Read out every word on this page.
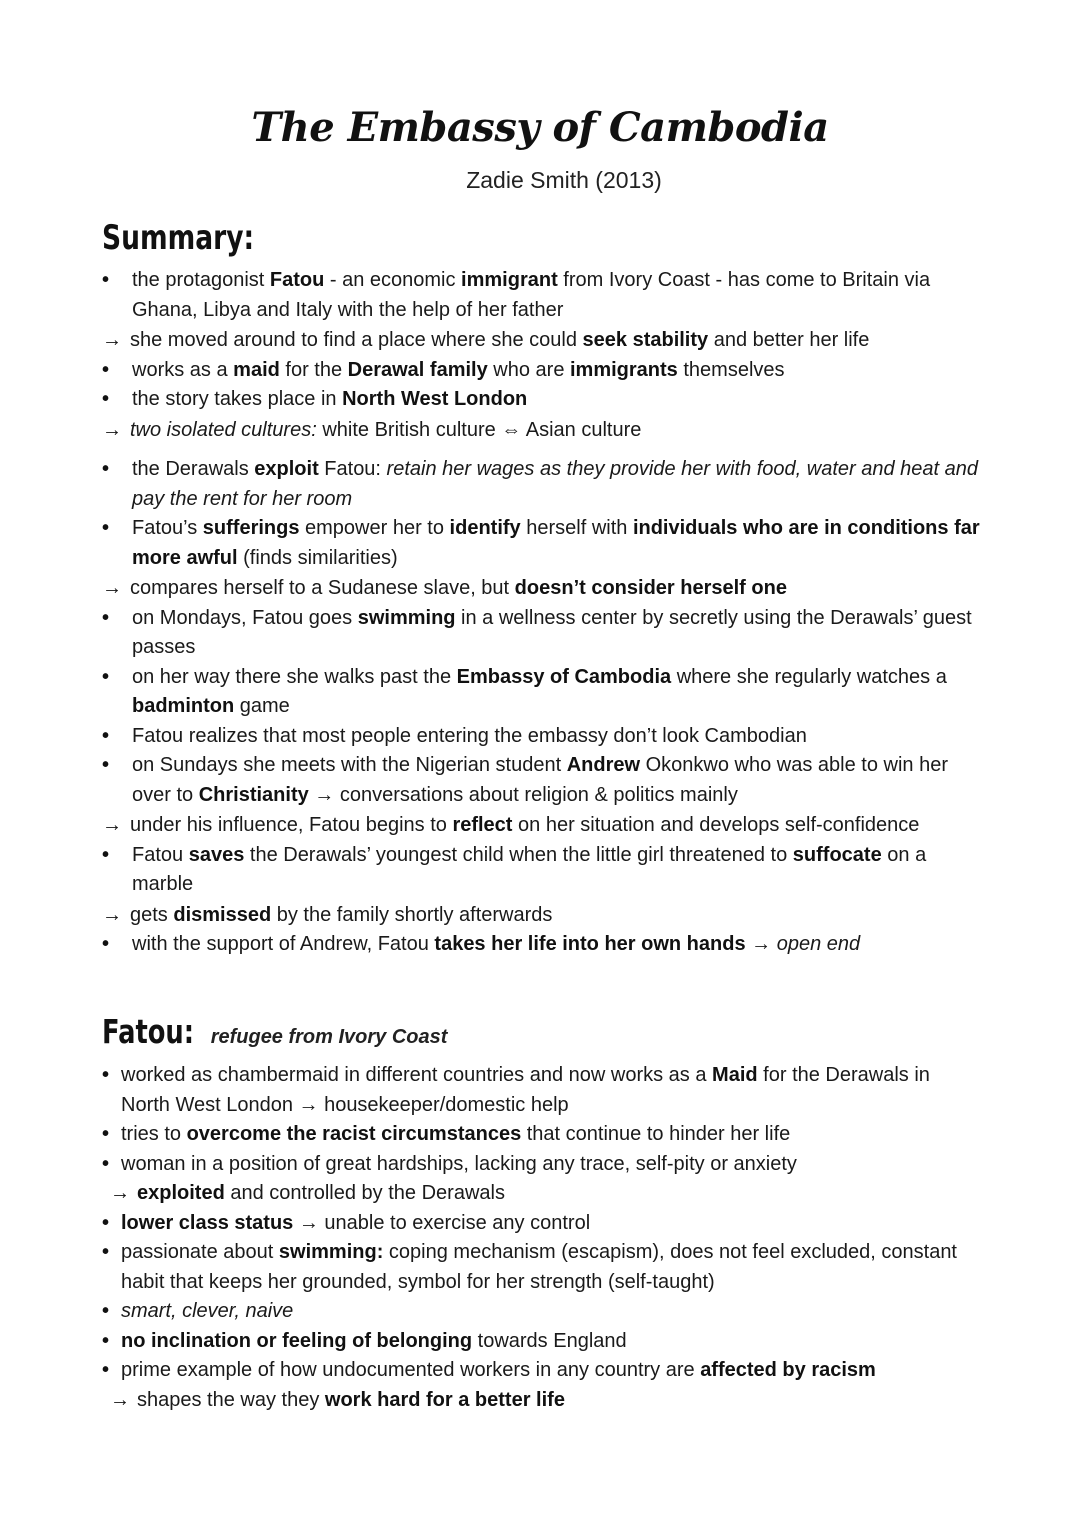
The Embassy of Cambodia

Zadie Smith (2013)

Summary:
• the protagonist Fatou - an economic immigrant from Ivory Coast - has come to Britain via Ghana, Libya and Italy with the help of her father
→ she moved around to find a place where she could seek stability and better her life
• works as a maid for the Derawal family who are immigrants themselves
• the story takes place in North West London
→ two isolated cultures: white British culture ⇔ Asian culture
• the Derawals exploit Fatou: retain her wages as they provide her with food, water and heat and pay the rent for her room
• Fatou’s sufferings empower her to identify herself with individuals who are in conditions far more awful (finds similarities)
→ compares herself to a Sudanese slave, but doesn’t consider herself one
• on Mondays, Fatou goes swimming in a wellness center by secretly using the Derawals’ guest passes
• on her way there she walks past the Embassy of Cambodia where she regularly watches a badminton game
• Fatou realizes that most people entering the embassy don’t look Cambodian
• on Sundays she meets with the Nigerian student Andrew Okonkwo who was able to win her over to Christianity → conversations about religion & politics mainly
→ under his influence, Fatou begins to reflect on her situation and develops self-confidence
• Fatou saves the Derawals’ youngest child when the little girl threatened to suffocate on a marble
→ gets dismissed by the family shortly afterwards
• with the support of Andrew, Fatou takes her life into her own hands → open end
Fatou: refugee from Ivory Coast
• worked as chambermaid in different countries and now works as a Maid for the Derawals in North West London → housekeeper/domestic help
• tries to overcome the racist circumstances that continue to hinder her life
• woman in a position of great hardships, lacking any trace, self-pity or anxiety
→ exploited and controlled by the Derawals
• lower class status → unable to exercise any control
• passionate about swimming: coping mechanism (escapism), does not feel excluded, constant habit that keeps her grounded, symbol for her strength (self-taught)
• smart, clever, naive
• no inclination or feeling of belonging towards England
• prime example of how undocumented workers in any country are affected by racism
→ shapes the way they work hard for a better life
